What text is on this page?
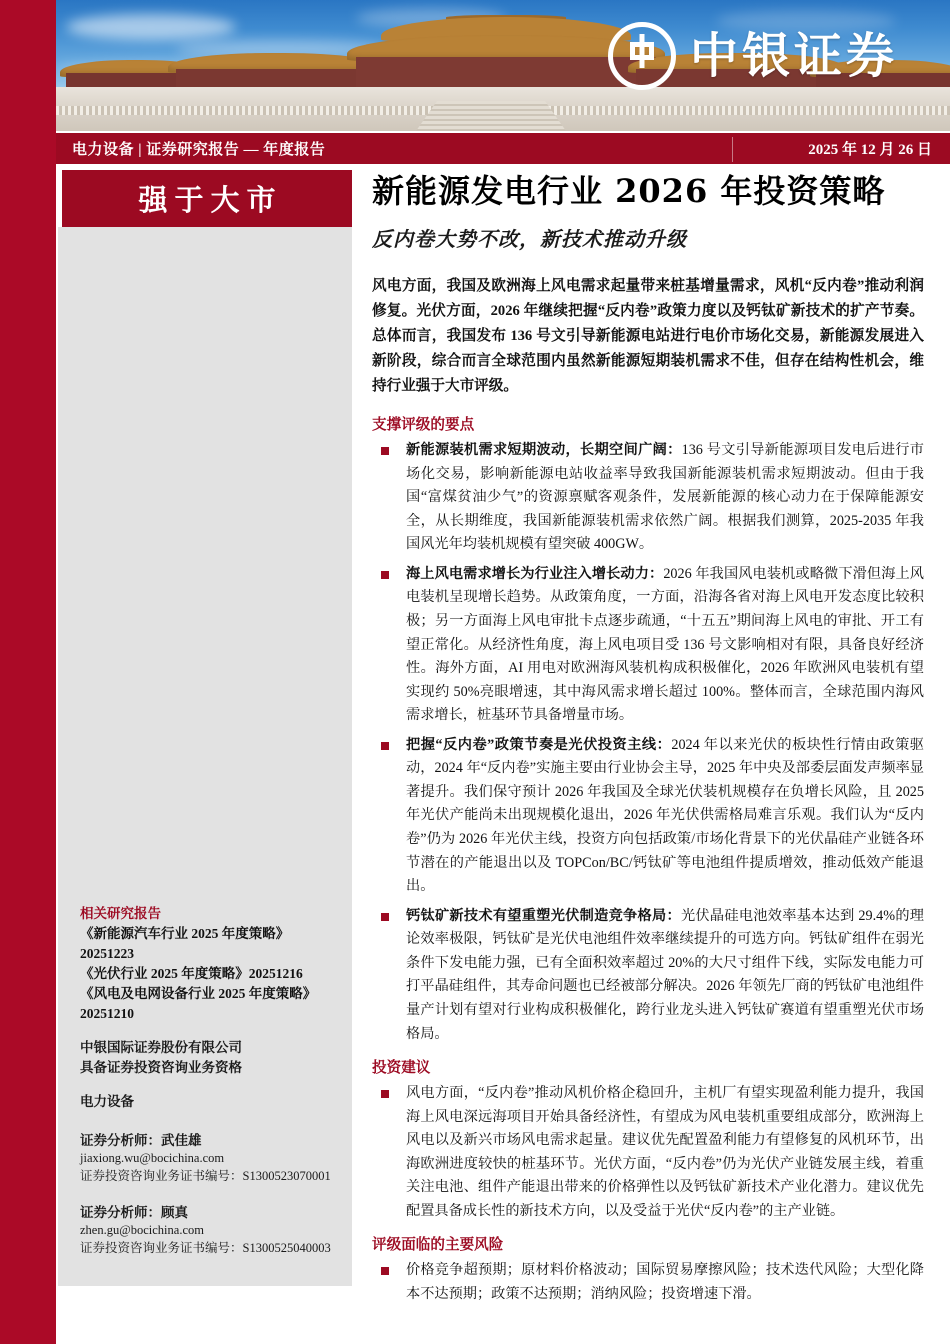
中银证券
电力设备 | 证券研究报告 — 年度报告	2025 年 12 月 26 日
强于大市
相关研究报告
《新能源汽车行业 2025 年度策略》20251223
《光伏行业 2025 年度策略》20251216
《风电及电网设备行业 2025 年度策略》20251210
中银国际证券股份有限公司
具备证券投资咨询业务资格
电力设备
证券分析师：武佳雄
jiaxiong.wu@bocichina.com
证券投资咨询业务证书编号：S1300523070001
证券分析师：顾真
zhen.gu@bocichina.com
证券投资咨询业务证书编号：S1300525040003
新能源发电行业 2026 年投资策略
反内卷大势不改，新技术推动升级

风电方面，我国及欧洲海上风电需求起量带来桩基增量需求，风机“反内卷”推动利润修复。光伏方面，2026 年继续把握“反内卷”政策力度以及钙钛矿新技术的扩产节奏。总体而言，我国发布 136 号文引导新能源电站进行电价市场化交易，新能源发展进入新阶段，综合而言全球范围内虽然新能源短期装机需求不佳，但存在结构性机会，维持行业强于大市评级。

支撑评级的要点
新能源装机需求短期波动，长期空间广阔：136 号文引导新能源项目发电后进行市场化交易，影响新能源电站收益率导致我国新能源装机需求短期波动。但由于我国“富煤贫油少气”的资源禀赋客观条件，发展新能源的核心动力在于保障能源安全，从长期维度，我国新能源装机需求依然广阔。根据我们测算，2025-2035 年我国风光年均装机规模有望突破 400GW。
海上风电需求增长为行业注入增长动力：2026 年我国风电装机或略微下滑但海上风电装机呈现增长趋势。从政策角度，一方面，沿海各省对海上风电开发态度比较积极；另一方面海上风电审批卡点逐步疏通，“十五五”期间海上风电的审批、开工有望正常化。从经济性角度，海上风电项目受 136 号文影响相对有限，具备良好经济性。海外方面，AI 用电对欧洲海风装机构成积极催化，2026 年欧洲风电装机有望实现约 50%亮眼增速，其中海风需求增长超过 100%。整体而言，全球范围内海风需求增长，桩基环节具备增量市场。
把握“反内卷”政策节奏是光伏投资主线：2024 年以来光伏的板块性行情由政策驱动，2024 年“反内卷”实施主要由行业协会主导，2025 年中央及部委层面发声频率显著提升。我们保守预计 2026 年我国及全球光伏装机规模存在负增长风险，且 2025 年光伏产能尚未出现规模化退出，2026 年光伏供需格局难言乐观。我们认为“反内卷”仍为 2026 年光伏主线，投资方向包括政策/市场化背景下的光伏晶硅产业链各环节潜在的产能退出以及 TOPCon/BC/钙钛矿等电池组件提质增效，推动低效产能退出。
钙钛矿新技术有望重塑光伏制造竞争格局：光伏晶硅电池效率基本达到 29.4%的理论效率极限，钙钛矿是光伏电池组件效率继续提升的可选方向。钙钛矿组件在弱光条件下发电能力强，已有全面积效率超过 20%的大尺寸组件下线，实际发电能力可打平晶硅组件，其寿命问题也已经被部分解决。2026 年领先厂商的钙钛矿电池组件量产计划有望对行业构成积极催化，跨行业龙头进入钙钛矿赛道有望重塑光伏市场格局。
投资建议
风电方面，“反内卷”推动风机价格企稳回升，主机厂有望实现盈利能力提升，我国海上风电深远海项目开始具备经济性，有望成为风电装机重要组成部分，欧洲海上风电以及新兴市场风电需求起量。建议优先配置盈利能力有望修复的风机环节，出海欧洲进度较快的桩基环节。光伏方面，“反内卷”仍为光伏产业链发展主线，着重关注电池、组件产能退出带来的价格弹性以及钙钛矿新技术产业化潜力。建议优先配置具备成长性的新技术方向，以及受益于光伏“反内卷”的主产业链。
评级面临的主要风险
价格竞争超预期；原材料价格波动；国际贸易摩擦风险；技术迭代风险；大型化降本不达预期；政策不达预期；消纳风险；投资增速下滑。
